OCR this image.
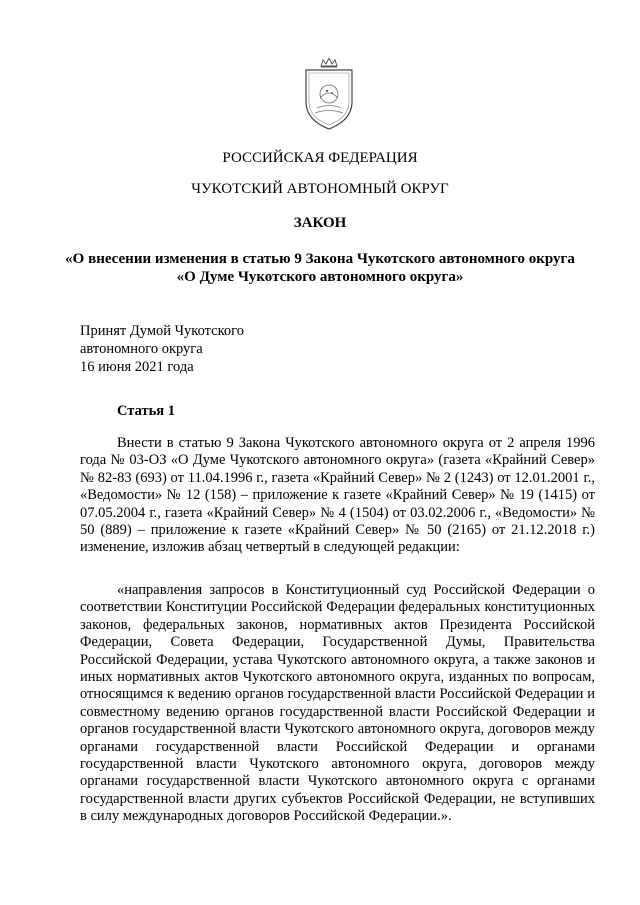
РОССИЙСКАЯ ФЕДЕРАЦИЯ
ЧУКОТСКИЙ АВТОНОМНЫЙ ОКРУГ
ЗАКОН
«О внесении изменения в статью 9 Закона Чукотского автономного округа
«О Думе Чукотского автономного округа»
Принят Думой Чукотского
автономного округа
16 июня 2021 года
Статья 1
Внести в статью 9 Закона Чукотского автономного округа от 2 апреля 1996 года № 03-ОЗ «О Думе Чукотского автономного округа» (газета «Крайний Север» № 82-83 (693) от 11.04.1996 г., газета «Крайний Север» № 2 (1243) от 12.01.2001 г., «Ведомости» № 12 (158) – приложение к газете «Крайний Север» № 19 (1415) от 07.05.2004 г., газета «Крайний Север» № 4 (1504) от 03.02.2006 г., «Ведомости» № 50 (889) – приложение к газете «Крайний Север» № 50 (2165) от 21.12.2018 г.) изменение, изложив абзац четвертый в следующей редакции:
«направления запросов в Конституционный суд Российской Федерации о соответствии Конституции Российской Федерации федеральных конституционных законов, федеральных законов, нормативных актов Президента Российской Федерации, Совета Федерации, Государственной Думы, Правительства Российской Федерации, устава Чукотского автономного округа, а также законов и иных нормативных актов Чукотского автономного округа, изданных по вопросам, относящимся к ведению органов государственной власти Российской Федерации и совместному ведению органов государственной власти Российской Федерации и органов государственной власти Чукотского автономного округа, договоров между органами государственной власти Российской Федерации и органами государственной власти Чукотского автономного округа, договоров между органами государственной власти Чукотского автономного округа с органами государственной власти других субъектов Российской Федерации, не вступивших в силу международных договоров Российской Федерации.».
